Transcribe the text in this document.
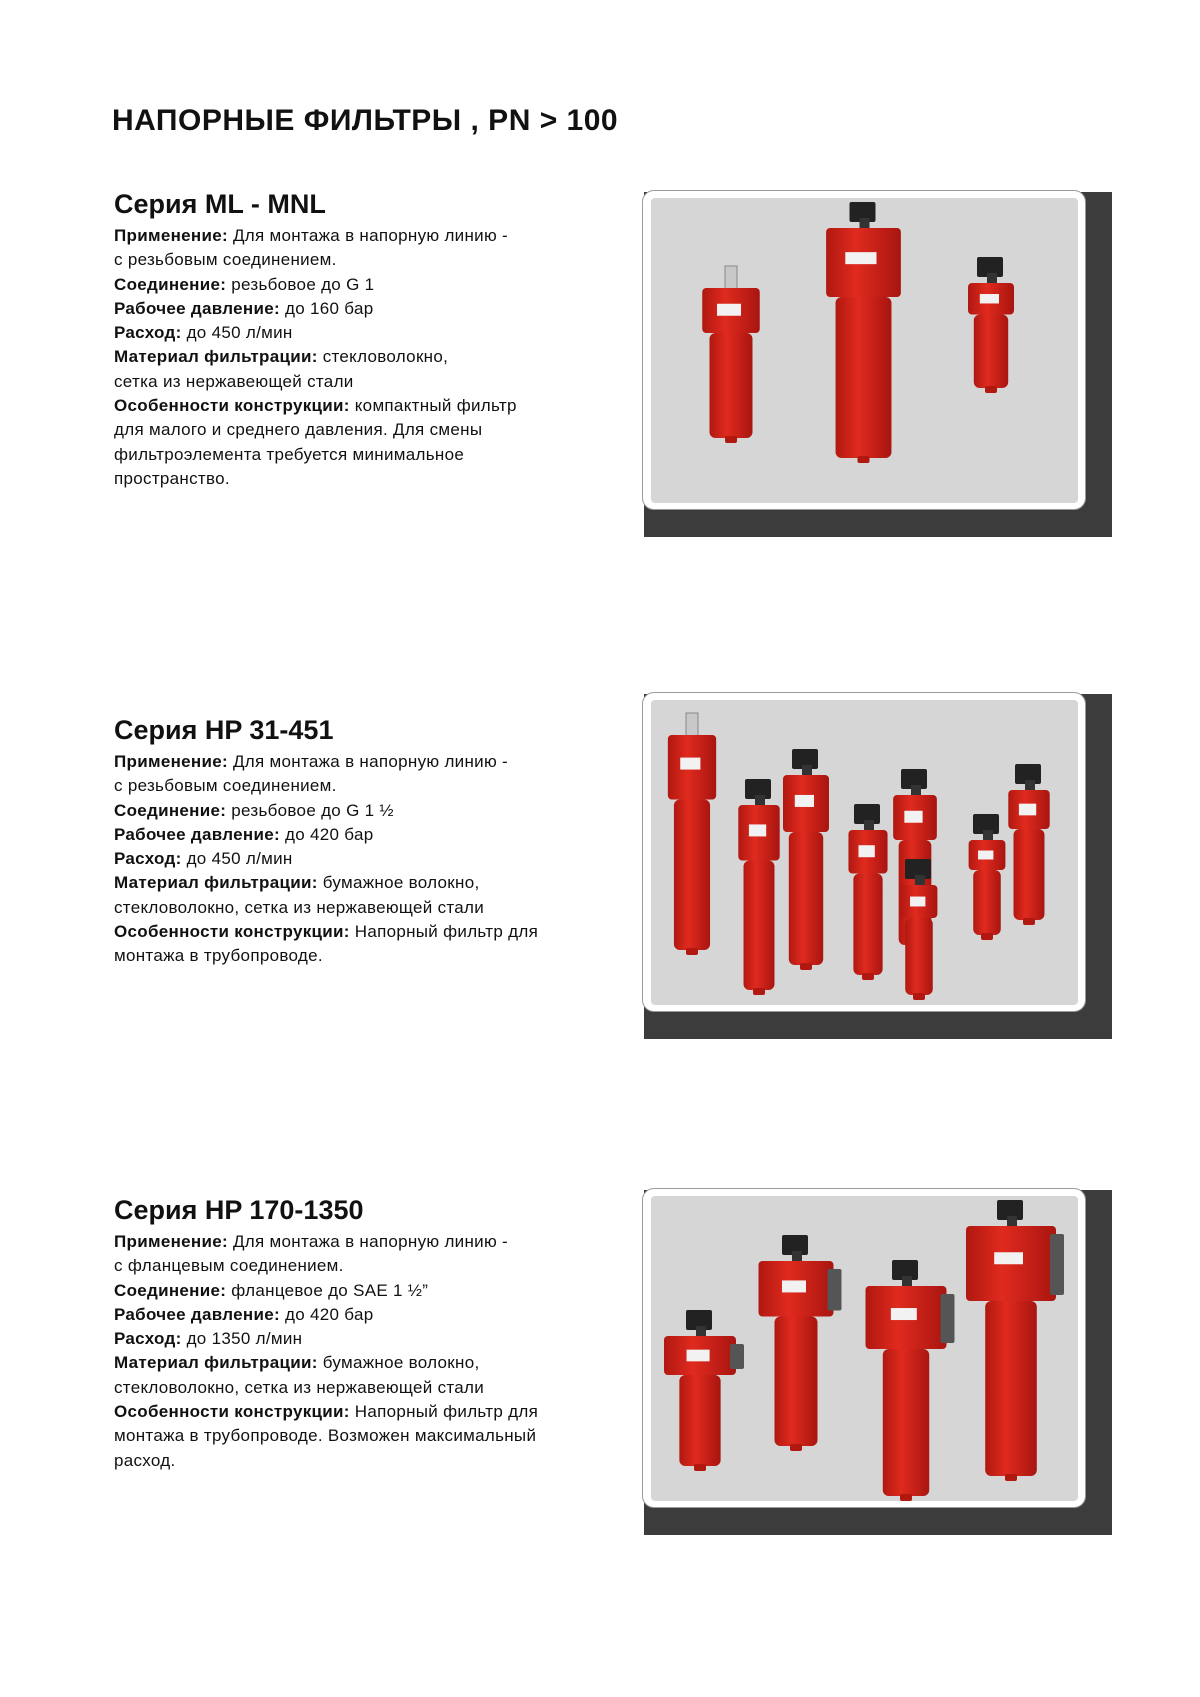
НАПОРНЫЕ ФИЛЬТРЫ , PN > 100
Серия ML - MNL

Применение: Для монтажа в напорную линию -

с резьбовым соединением.

Соединение: резьбовое до G 1

Рабочее давление: до 160 бар

Расход: до 450 л/мин

Материал фильтрации: стекловолокно,

сетка из нержавеющей стали

Особенности конструкции: компактный фильтр

для малого и среднего давления. Для смены

фильтроэлемента требуется минимальное

пространство.

Серия HP 31-451

Применение: Для монтажа в напорную линию -

с резьбовым соединением.

Соединение: резьбовое до G 1 ½

Рабочее давление: до 420 бар

Расход: до 450 л/мин

Материал фильтрации: бумажное волокно,

стекловолокно, сетка из нержавеющей стали

Особенности конструкции: Напорный фильтр для

монтажа в трубопроводе.

Серия HP 170-1350

Применение: Для монтажа в напорную линию -

с фланцевым соединением.

Соединение: фланцевое до SAE 1 ½”

Рабочее давление: до 420 бар

Расход: до 1350 л/мин

Материал фильтрации: бумажное волокно,

стекловолокно, сетка из нержавеющей стали

Особенности конструкции: Напорный фильтр для

монтажа в трубопроводе. Возможен максимальный

расход.
